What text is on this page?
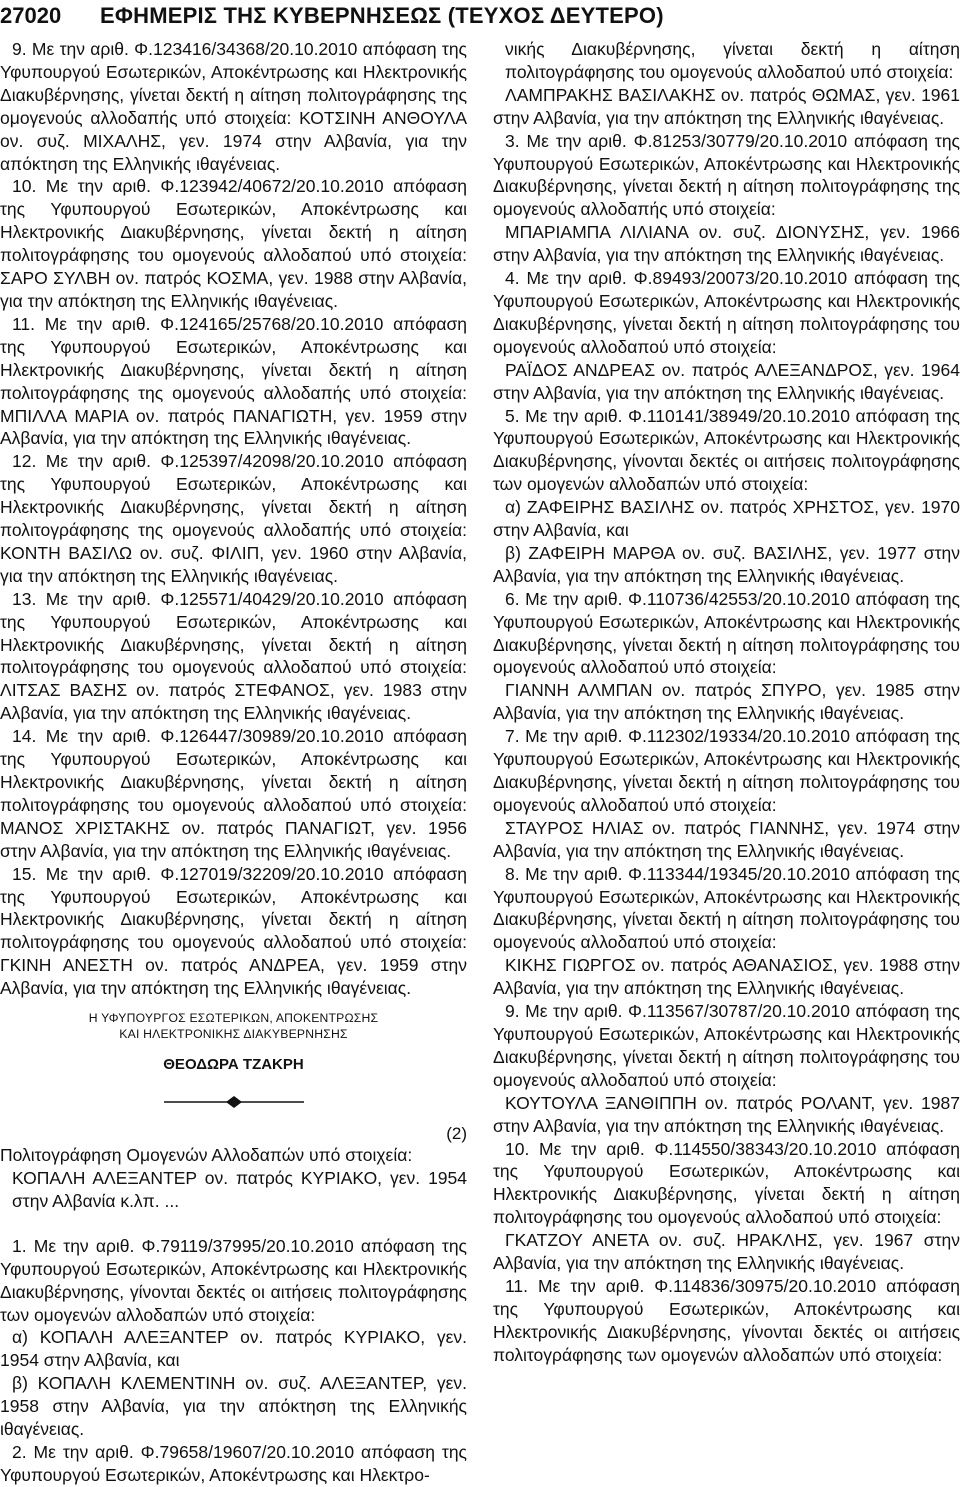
27020 ΕΦΗΜΕΡΙΣ ΤΗΣ ΚΥΒΕΡΝΗΣΕΩΣ (ΤΕΥΧΟΣ ΔΕΥΤΕΡΟ)

9. Με την αριθ. Φ.123416/34368/20.10.2010 απόφαση της Υφυπουργού Εσωτερικών, Αποκέντρωσης και Ηλεκτρονικής Διακυβέρνησης, γίνεται δεκτή η αίτηση πολιτογράφησης της ομογενούς αλλοδαπής υπό στοιχεία: ΚΟΤΣΙΝΗ ΑΝΘΟΥΛΑ ον. συζ. ΜΙΧΑΛΗΣ, γεν. 1974 στην Αλβανία, για την απόκτηση της Ελληνικής ιθαγένειας.

10. Με την αριθ. Φ.123942/40672/20.10.2010 απόφαση της Υφυπουργού Εσωτερικών, Αποκέντρωσης και Ηλεκτρονικής Διακυβέρνησης, γίνεται δεκτή η αίτηση πολιτογράφησης του ομογενούς αλλοδαπού υπό στοιχεία: ΣΑΡΟ ΣΥΛΒΗ ον. πατρός ΚΟΣΜΑ, γεν. 1988 στην Αλβανία, για την απόκτηση της Ελληνικής ιθαγένειας.

11. Με την αριθ. Φ.124165/25768/20.10.2010 απόφαση της Υφυπουργού Εσωτερικών, Αποκέντρωσης και Ηλεκτρονικής Διακυβέρνησης, γίνεται δεκτή η αίτηση πολιτογράφησης της ομογενούς αλλοδαπής υπό στοιχεία: ΜΠΙΛΛΑ ΜΑΡΙΑ ον. πατρός ΠΑΝΑΓΙΩΤΗ, γεν. 1959 στην Αλβανία, για την απόκτηση της Ελληνικής ιθαγένειας.

12. Με την αριθ. Φ.125397/42098/20.10.2010 απόφαση της Υφυπουργού Εσωτερικών, Αποκέντρωσης και Ηλεκτρονικής Διακυβέρνησης, γίνεται δεκτή η αίτηση πολιτογράφησης της ομογενούς αλλοδαπής υπό στοιχεία: ΚΟΝΤΗ ΒΑΣΙΛΩ ον. συζ. ΦΙΛΙΠ, γεν. 1960 στην Αλβανία, για την απόκτηση της Ελληνικής ιθαγένειας.

13. Με την αριθ. Φ.125571/40429/20.10.2010 απόφαση της Υφυπουργού Εσωτερικών, Αποκέντρωσης και Ηλεκτρονικής Διακυβέρνησης, γίνεται δεκτή η αίτηση πολιτογράφησης του ομογενούς αλλοδαπού υπό στοιχεία: ΛΙΤΣΑΣ ΒΑΣΗΣ ον. πατρός ΣΤΕΦΑΝΟΣ, γεν. 1983 στην Αλβανία, για την απόκτηση της Ελληνικής ιθαγένειας.

14. Με την αριθ. Φ.126447/30989/20.10.2010 απόφαση της Υφυπουργού Εσωτερικών, Αποκέντρωσης και Ηλεκτρονικής Διακυβέρνησης, γίνεται δεκτή η αίτηση πολιτογράφησης του ομογενούς αλλοδαπού υπό στοιχεία: ΜΑΝΟΣ ΧΡΙΣΤΑΚΗΣ ον. πατρός ΠΑΝΑΓΙΩΤ, γεν. 1956 στην Αλβανία, για την απόκτηση της Ελληνικής ιθαγένειας.

15. Με την αριθ. Φ.127019/32209/20.10.2010 απόφαση της Υφυπουργού Εσωτερικών, Αποκέντρωσης και Ηλεκτρονικής Διακυβέρνησης, γίνεται δεκτή η αίτηση πολιτογράφησης του ομογενούς αλλοδαπού υπό στοιχεία: ΓΚΙΝΗ ΑΝΕΣΤΗ ον. πατρός ΑΝΔΡΕΑ, γεν. 1959 στην Αλβανία, για την απόκτηση της Ελληνικής ιθαγένειας.

Η ΥΦΥΠΟΥΡΓΟΣ ΕΣΩΤΕΡΙΚΩΝ, ΑΠΟΚΕΝΤΡΩΣΗΣ
ΚΑΙ ΗΛΕΚΤΡΟΝΙΚΗΣ ΔΙΑΚΥΒΕΡΝΗΣΗΣ
ΘΕΟΔΩΡΑ ΤΖΑΚΡΗ
(2)

Πολιτογράφηση Ομογενών Αλλοδαπών υπό στοιχεία:

ΚΟΠΑΛΗ ΑΛΕΞΑΝΤΕΡ ον. πατρός ΚΥΡΙΑΚΟ, γεν. 1954 στην Αλβανία κ.λπ. ...

1. Με την αριθ. Φ.79119/37995/20.10.2010 απόφαση της Υφυπουργού Εσωτερικών, Αποκέντρωσης και Ηλεκτρονικής Διακυβέρνησης, γίνονται δεκτές οι αιτήσεις πολιτογράφησης των ομογενών αλλοδαπών υπό στοιχεία:

α) ΚΟΠΑΛΗ ΑΛΕΞΑΝΤΕΡ ον. πατρός ΚΥΡΙΑΚΟ, γεν. 1954 στην Αλβανία, και

β) ΚΟΠΑΛΗ ΚΛΕΜΕΝΤΙΝΗ ον. συζ. ΑΛΕΞΑΝΤΕΡ, γεν. 1958 στην Αλβανία, για την απόκτηση της Ελληνικής ιθαγένειας.

2. Με την αριθ. Φ.79658/19607/20.10.2010 απόφαση της Υφυπουργού Εσωτερικών, Αποκέντρωσης και Ηλεκτρο-

νικής Διακυβέρνησης, γίνεται δεκτή η αίτηση πολιτογράφησης του ομογενούς αλλοδαπού υπό στοιχεία:

ΛΑΜΠΡΑΚΗΣ ΒΑΣΙΛΑΚΗΣ ον. πατρός ΘΩΜΑΣ, γεν. 1961 στην Αλβανία, για την απόκτηση της Ελληνικής ιθαγένειας.

3. Με την αριθ. Φ.81253/30779/20.10.2010 απόφαση της Υφυπουργού Εσωτερικών, Αποκέντρωσης και Ηλεκτρονικής Διακυβέρνησης, γίνεται δεκτή η αίτηση πολιτογράφησης της ομογενούς αλλοδαπής υπό στοιχεία:

ΜΠΑΡΙΑΜΠΑ ΛΙΛΙΑΝΑ ον. συζ. ΔΙΟΝΥΣΗΣ, γεν. 1966 στην Αλβανία, για την απόκτηση της Ελληνικής ιθαγένειας.

4. Με την αριθ. Φ.89493/20073/20.10.2010 απόφαση της Υφυπουργού Εσωτερικών, Αποκέντρωσης και Ηλεκτρονικής Διακυβέρνησης, γίνεται δεκτή η αίτηση πολιτογράφησης του ομογενούς αλλοδαπού υπό στοιχεία:

ΡΑΪΔΟΣ ΑΝΔΡΕΑΣ ον. πατρός ΑΛΕΞΑΝΔΡΟΣ, γεν. 1964 στην Αλβανία, για την απόκτηση της Ελληνικής ιθαγένειας.

5. Με την αριθ. Φ.110141/38949/20.10.2010 απόφαση της Υφυπουργού Εσωτερικών, Αποκέντρωσης και Ηλεκτρονικής Διακυβέρνησης, γίνονται δεκτές οι αιτήσεις πολιτογράφησης των ομογενών αλλοδαπών υπό στοιχεία:

α) ΖΑΦΕΙΡΗΣ ΒΑΣΙΛΗΣ ον. πατρός ΧΡΗΣΤΟΣ, γεν. 1970 στην Αλβανία, και

β) ΖΑΦΕΙΡΗ ΜΑΡΘΑ ον. συζ. ΒΑΣΙΛΗΣ, γεν. 1977 στην Αλβανία, για την απόκτηση της Ελληνικής ιθαγένειας.

6. Με την αριθ. Φ.110736/42553/20.10.2010 απόφαση της Υφυπουργού Εσωτερικών, Αποκέντρωσης και Ηλεκτρονικής Διακυβέρνησης, γίνεται δεκτή η αίτηση πολιτογράφησης του ομογενούς αλλοδαπού υπό στοιχεία:

ΓΙΑΝΝΗ ΑΛΜΠΑΝ ον. πατρός ΣΠΥΡΟ, γεν. 1985 στην Αλβανία, για την απόκτηση της Ελληνικής ιθαγένειας.

7. Με την αριθ. Φ.112302/19334/20.10.2010 απόφαση της Υφυπουργού Εσωτερικών, Αποκέντρωσης και Ηλεκτρονικής Διακυβέρνησης, γίνεται δεκτή η αίτηση πολιτογράφησης του ομογενούς αλλοδαπού υπό στοιχεία:

ΣΤΑΥΡΟΣ ΗΛΙΑΣ ον. πατρός ΓΙΑΝΝΗΣ, γεν. 1974 στην Αλβανία, για την απόκτηση της Ελληνικής ιθαγένειας.

8. Με την αριθ. Φ.113344/19345/20.10.2010 απόφαση της Υφυπουργού Εσωτερικών, Αποκέντρωσης και Ηλεκτρονικής Διακυβέρνησης, γίνεται δεκτή η αίτηση πολιτογράφησης του ομογενούς αλλοδαπού υπό στοιχεία:

ΚΙΚΗΣ ΓΙΩΡΓΟΣ ον. πατρός ΑΘΑΝΑΣΙΟΣ, γεν. 1988 στην Αλβανία, για την απόκτηση της Ελληνικής ιθαγένειας.

9. Με την αριθ. Φ.113567/30787/20.10.2010 απόφαση της Υφυπουργού Εσωτερικών, Αποκέντρωσης και Ηλεκτρονικής Διακυβέρνησης, γίνεται δεκτή η αίτηση πολιτογράφησης του ομογενούς αλλοδαπού υπό στοιχεία:

ΚΟΥΤΟΥΛΑ ΞΑΝΘΙΠΠΗ ον. πατρός ΡΟΛΑΝΤ, γεν. 1987 στην Αλβανία, για την απόκτηση της Ελληνικής ιθαγένειας.

10. Με την αριθ. Φ.114550/38343/20.10.2010 απόφαση της Υφυπουργού Εσωτερικών, Αποκέντρωσης και Ηλεκτρονικής Διακυβέρνησης, γίνεται δεκτή η αίτηση πολιτογράφησης του ομογενούς αλλοδαπού υπό στοιχεία:

ΓΚΑΤΖΟΥ ΑΝΕΤΑ ον. συζ. ΗΡΑΚΛΗΣ, γεν. 1967 στην Αλβανία, για την απόκτηση της Ελληνικής ιθαγένειας.

11. Με την αριθ. Φ.114836/30975/20.10.2010 απόφαση της Υφυπουργού Εσωτερικών, Αποκέντρωσης και Ηλεκτρονικής Διακυβέρνησης, γίνονται δεκτές οι αιτήσεις πολιτογράφησης των ομογενών αλλοδαπών υπό στοιχεία:
